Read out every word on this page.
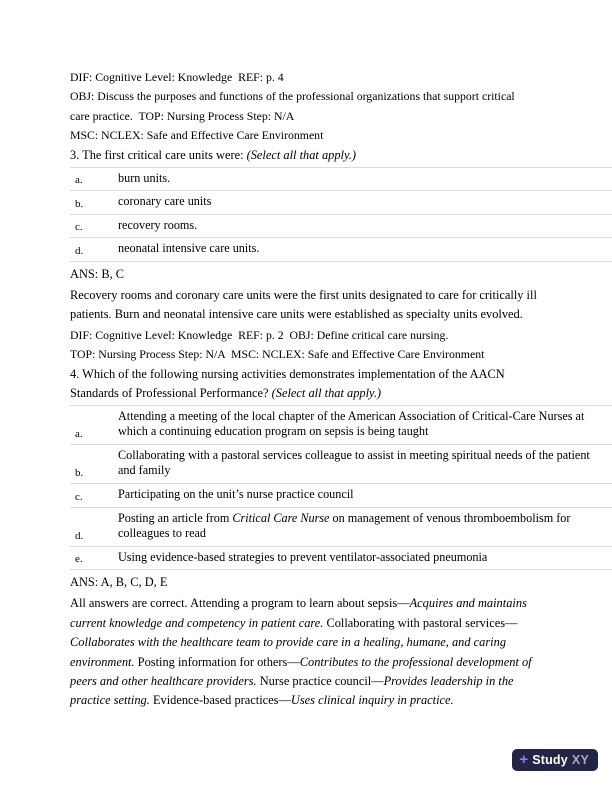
DIF: Cognitive Level: Knowledge  REF: p. 4
OBJ: Discuss the purposes and functions of the professional organizations that support critical
care practice.  TOP: Nursing Process Step: N/A
MSC: NCLEX: Safe and Effective Care Environment
3. The first critical care units were: (Select all that apply.)
a.	burn units.

b.	coronary care units

c.	recovery rooms.

d.	neonatal intensive care units.
ANS: B, C

Recovery rooms and coronary care units were the first units designated to care for critically ill patients. Burn and neonatal intensive care units were established as specialty units evolved.

DIF: Cognitive Level: Knowledge  REF: p. 2  OBJ: Define critical care nursing.
TOP: Nursing Process Step: N/A  MSC: NCLEX: Safe and Effective Care Environment
4. Which of the following nursing activities demonstrates implementation of the AACN Standards of Professional Performance? (Select all that apply.)
a.	
Attending a meeting of the local chapter of the American Association of Critical-Care Nurses at
which a continuing education program on sepsis is being taught

b.	
Collaborating with a pastoral services colleague to assist in meeting spiritual needs of the patient
and family

c.	Participating on the unit’s nurse practice council

d.	
Posting an article from Critical Care Nurse on management of venous thromboembolism for
colleagues to read

e.	Using evidence-based strategies to prevent ventilator-associated pneumonia
ANS: A, B, C, D, E

All answers are correct. Attending a program to learn about sepsis—Acquires and maintains current knowledge and competency in patient care. Collaborating with pastoral services—Collaborates with the healthcare team to provide care in a healing, humane, and caring environment. Posting information for others—Contributes to the professional development of peers and other healthcare providers. Nurse practice council—Provides leadership in the practice setting. Evidence-based practices—Uses clinical inquiry in practice.

+ Study XY
